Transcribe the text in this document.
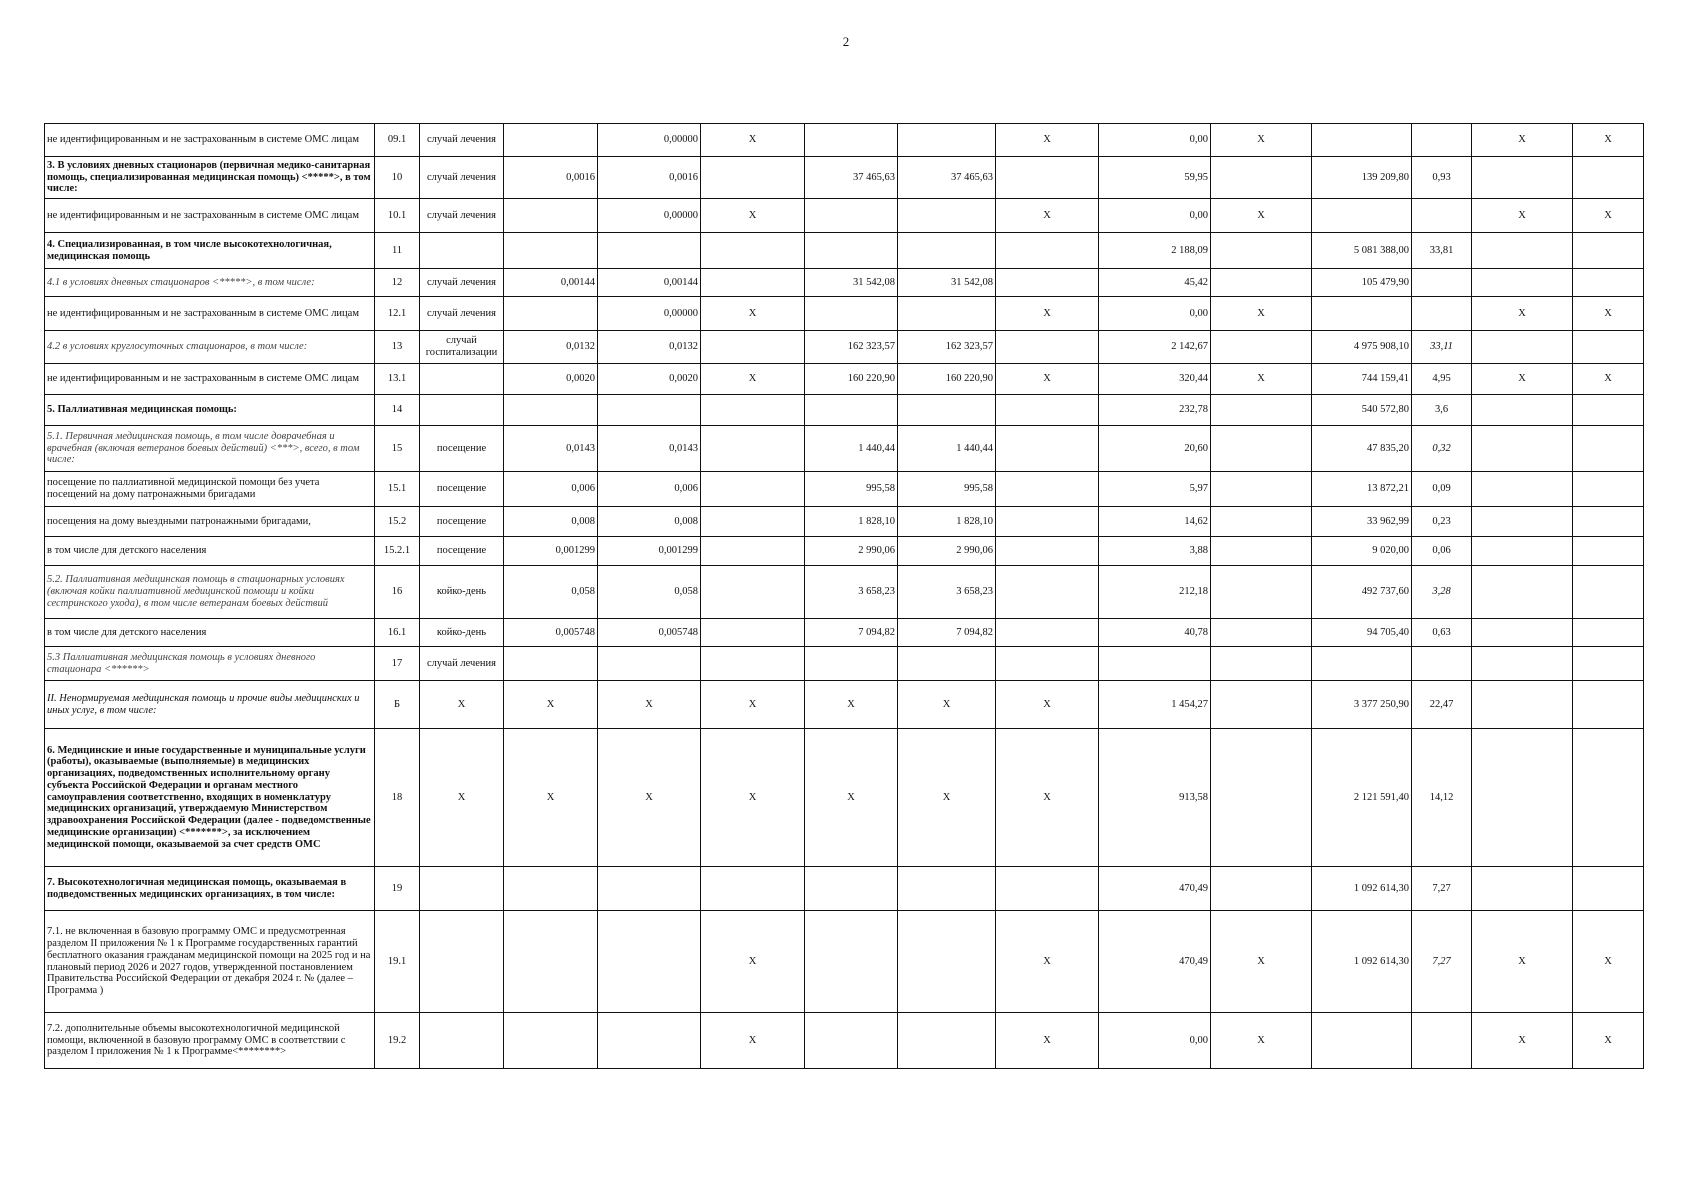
2
не идентифицированным и не застрахованным в системе ОМС лицам	09.1	случай лечения		0,00000	X			X	0,00	X			X	X
3. В условиях дневных стационаров (первичная медико-санитарная помощь, специализированная медицинская помощь) <*****>, в том числе:	10	случай лечения	0,0016	0,0016		37 465,63	37 465,63		59,95		139 209,80	0,93		
не идентифицированным и не застрахованным в системе ОМС лицам	10.1	случай лечения		0,00000	X			X	0,00	X			X	X
4. Специализированная, в том числе высокотехнологичная, медицинская помощь	11								2 188,09		5 081 388,00	33,81		
4.1 в условиях дневных стационаров <*****>, в том числе:	12	случай лечения	0,00144	0,00144		31 542,08	31 542,08		45,42		105 479,90			
не идентифицированным и не застрахованным в системе ОМС лицам	12.1	случай лечения		0,00000	X			X	0,00	X			X	X
4.2 в условиях круглосуточных стационаров, в том числе:	13	случай госпитализации	0,0132	0,0132		162 323,57	162 323,57		2 142,67		4 975 908,10	33,11		
не идентифицированным и не застрахованным в системе ОМС лицам	13.1		0,0020	0,0020	X	160 220,90	160 220,90	X	320,44	X	744 159,41	4,95	X	X
5. Паллиативная медицинская помощь:	14								232,78		540 572,80	3,6		
5.1. Первичная медицинская помощь, в том числе доврачебная и врачебная (включая ветеранов боевых действий) <***>, всего, в том числе:	15	посещение	0,0143	0,0143		1 440,44	1 440,44		20,60		47 835,20	0,32		
посещение по паллиативной медицинской помощи без учета посещений на дому патронажными бригадами	15.1	посещение	0,006	0,006		995,58	995,58		5,97		13 872,21	0,09		
посещения на дому выездными патронажными бригадами,	15.2	посещение	0,008	0,008		1 828,10	1 828,10		14,62		33 962,99	0,23		
в том числе для детского населения	15.2.1	посещение	0,001299	0,001299		2 990,06	2 990,06		3,88		9 020,00	0,06		
5.2. Паллиативная медицинская помощь в стационарных условиях (включая койки паллиативной медицинской помощи и койки сестринского ухода), в том числе ветеранам боевых действий	16	койко-день	0,058	0,058		3 658,23	3 658,23		212,18		492 737,60	3,28		
в том числе для детского населения	16.1	койко-день	0,005748	0,005748		7 094,82	7 094,82		40,78		94 705,40	0,63		
5.3 Паллиативная медицинская помощь в условиях дневного стационара <******>	17	случай лечения												
II. Ненормируемая медицинская помощь и прочие виды медицинских и иных услуг, в том числе:	Б	X	X	X	X	X	X	X	1 454,27		3 377 250,90	22,47		
6. Медицинские и иные государственные и муниципальные услуги (работы), оказываемые (выполняемые) в медицинских организациях, подведомственных исполнительному органу субъекта Российской Федерации и органам местного самоуправления соответственно, входящих в номенклатуру медицинских организаций, утверждаемую Министерством здравоохранения Российской Федерации (далее - подведомственные медицинские организации) <*******>, за исключением медицинской помощи, оказываемой за счет средств ОМС	18	X	X	X	X	X	X	X	913,58		2 121 591,40	14,12		
7. Высокотехнологичная медицинская помощь, оказываемая в подведомственных медицинских организациях, в том числе:	19								470,49		1 092 614,30	7,27		
7.1. не включенная в базовую программу ОМС и предусмотренная разделом II приложения № 1 к Программе государственных гарантий бесплатного оказания гражданам медицинской помощи на 2025 год и на плановый период 2026 и 2027 годов, утвержденной постановлением Правительства Российской Федерации от декабря 2024 г. № (далее – Программа )	19.1				X			X	470,49	X	1 092 614,30	7,27	X	X
7.2. дополнительные объемы высокотехнологичной медицинской помощи, включенной в базовую программу ОМС в соответствии с разделом I приложения № 1 к Программе<********>	19.2				X			X	0,00	X			X	X
